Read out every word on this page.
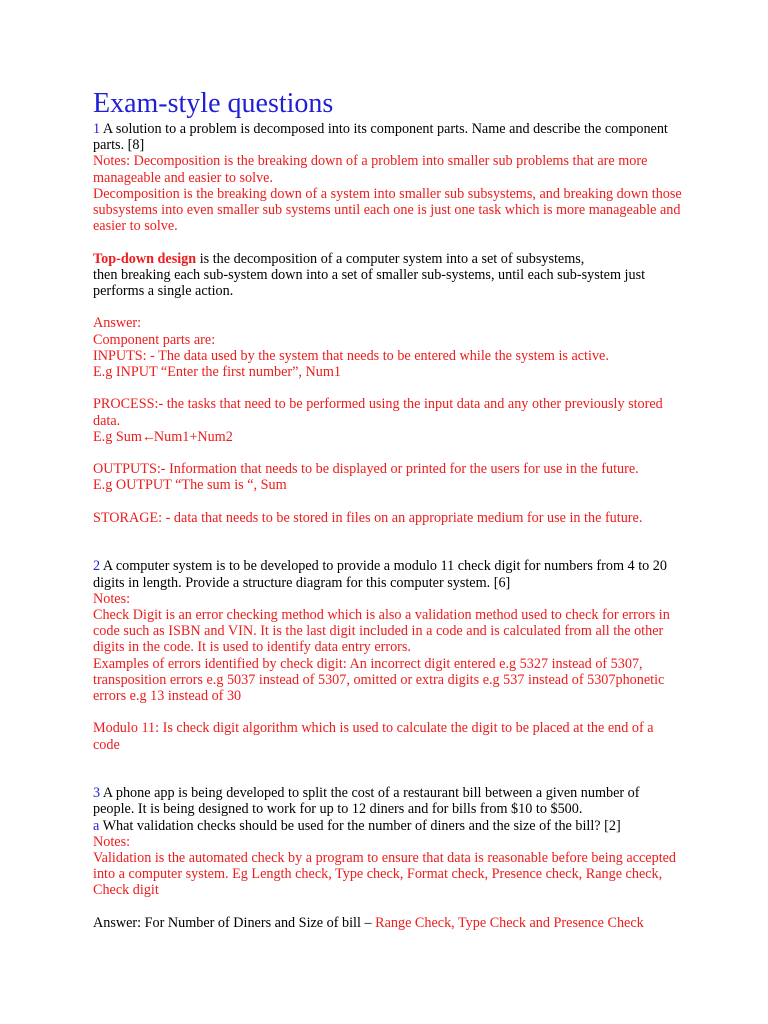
Exam-style questions

1 A solution to a problem is decomposed into its component parts. Name and describe the component parts. [8]

Notes: Decomposition is the breaking down of a problem into smaller sub problems that are more manageable and easier to solve.

Decomposition is the breaking down of a system into smaller sub subsystems, and breaking down those subsystems into even smaller sub systems until each one is just one task which is more manageable and easier to solve.

Top-down design is the decomposition of a computer system into a set of subsystems,
then breaking each sub-system down into a set of smaller sub-systems, until each sub-system just performs a single action.

Answer:

Component parts are:

INPUTS: - The data used by the system that needs to be entered while the system is active.

E.g INPUT “Enter the first number”, Num1

PROCESS:- the tasks that need to be performed using the input data and any other previously stored data.

E.g Sum←Num1+Num2

OUTPUTS:- Information that needs to be displayed or printed for the users for use in the future.

E.g OUTPUT “The sum is “, Sum

STORAGE: - data that needs to be stored in files on an appropriate medium for use in the future.

2 A computer system is to be developed to provide a modulo 11 check digit for numbers from 4 to 20 digits in length. Provide a structure diagram for this computer system. [6]

Notes:

Check Digit is an error checking method which is also a validation method used to check for errors in code such as ISBN and VIN. It is the last digit included in a code and is calculated from all the other digits in the code. It is used to identify data entry errors.

Examples of errors identified by check digit: An incorrect digit entered e.g 5327 instead of 5307, transposition errors e.g 5037 instead of 5307, omitted or extra digits e.g 537 instead of 5307phonetic errors e.g 13 instead of 30

Modulo 11: Is check digit algorithm which is used to calculate the digit to be placed at the end of a code

3 A phone app is being developed to split the cost of a restaurant bill between a given number of people. It is being designed to work for up to 12 diners and for bills from $10 to $500.

a What validation checks should be used for the number of diners and the size of the bill? [2]

Notes:

Validation is the automated check by a program to ensure that data is reasonable before being accepted into a computer system. Eg Length check, Type check, Format check, Presence check, Range check, Check digit

Answer: For Number of Diners and Size of bill – Range Check, Type Check and Presence Check
